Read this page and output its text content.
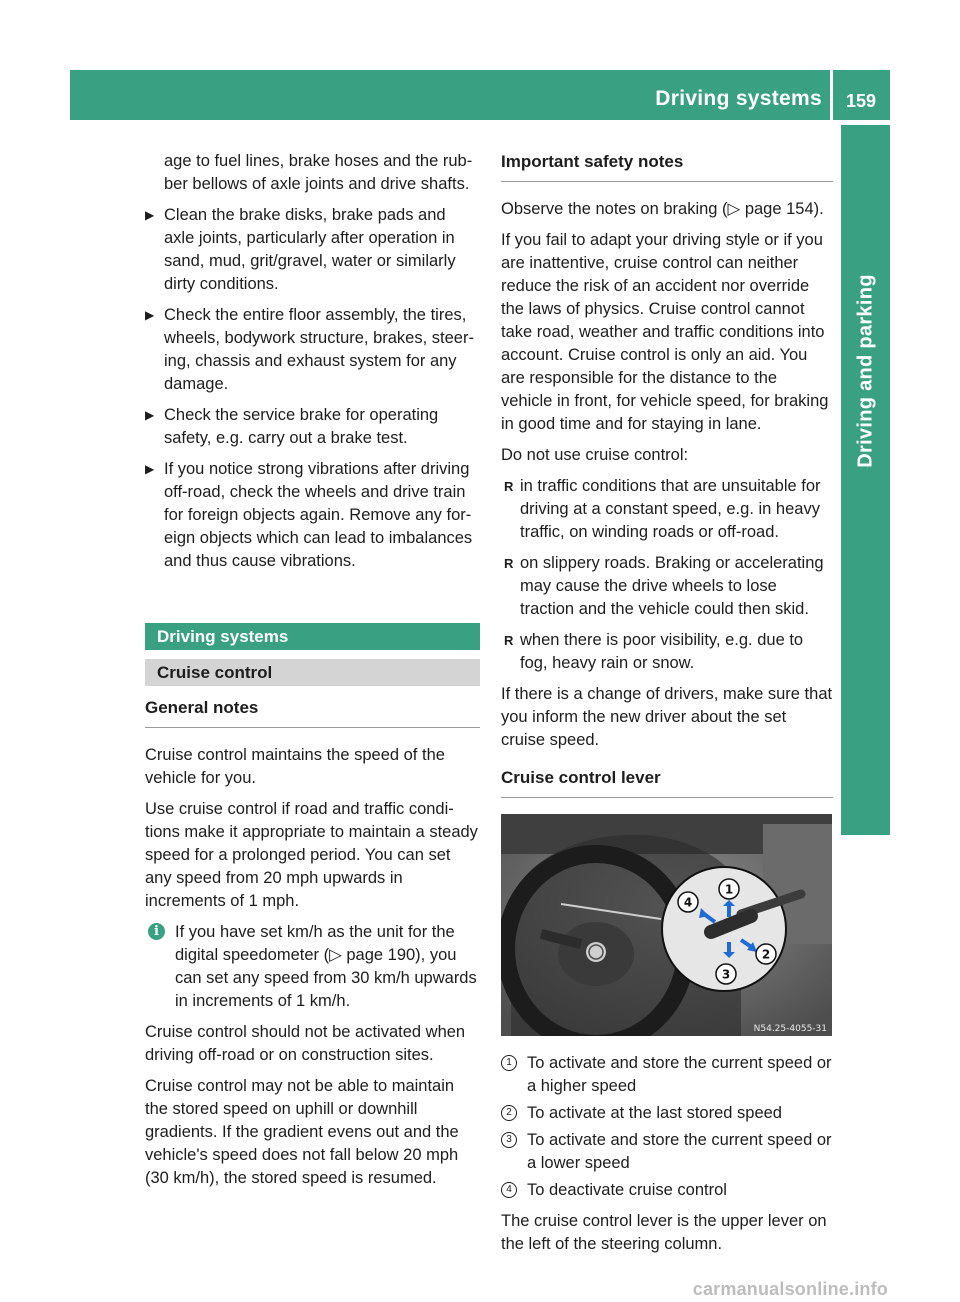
Driving systems 159
Driving and parking

age to fuel lines, brake hoses and the rub-ber bellows of axle joints and drive shafts.

▶ Clean the brake disks, brake pads and axle joints, particularly after operation in sand, mud, grit/gravel, water or similarly dirty conditions.
▶ Check the entire floor assembly, the tires, wheels, bodywork structure, brakes, steer-ing, chassis and exhaust system for any damage.
▶ Check the service brake for operating safety, e.g. carry out a brake test.
▶ If you notice strong vibrations after driving off-road, check the wheels and drive train for foreign objects again. Remove any for-eign objects which can lead to imbalances and thus cause vibrations.
Driving systems
Cruise control
General notes

Cruise control maintains the speed of the vehicle for you.

Use cruise control if road and traffic condi-tions make it appropriate to maintain a steady speed for a prolonged period. You can set any speed from 20 mph upwards in increments of 1 mph.

i If you have set km/h as the unit for the digital speedometer (▷ page 190), you can set any speed from 30 km/h upwards in increments of 1 km/h.

Cruise control should not be activated when driving off-road or on construction sites.

Cruise control may not be able to maintain the stored speed on uphill or downhill gradients. If the gradient evens out and the vehicle's speed does not fall below 20 mph (30 km/h), the stored speed is resumed.

Important safety notes

Observe the notes on braking (▷ page 154).

If you fail to adapt your driving style or if you are inattentive, cruise control can neither reduce the risk of an accident nor override the laws of physics. Cruise control cannot take road, weather and traffic conditions into account. Cruise control is only an aid. You are responsible for the distance to the vehicle in front, for vehicle speed, for braking in good time and for staying in lane.

Do not use cruise control:

R in traffic conditions that are unsuitable for driving at a constant speed, e.g. in heavy traffic, on winding roads or off-road.
R on slippery roads. Braking or accelerating may cause the drive wheels to lose traction and the vehicle could then skid.
R when there is poor visibility, e.g. due to fog, heavy rain or snow.

If there is a change of drivers, make sure that you inform the new driver about the set cruise speed.

Cruise control lever
1
2
3
4
N54.25-4055-31
1 To activate and store the current speed or a higher speed
2 To activate at the last stored speed
3 To activate and store the current speed or a lower speed
4 To deactivate cruise control

The cruise control lever is the upper lever on the left of the steering column.

carmanualsonline.info
